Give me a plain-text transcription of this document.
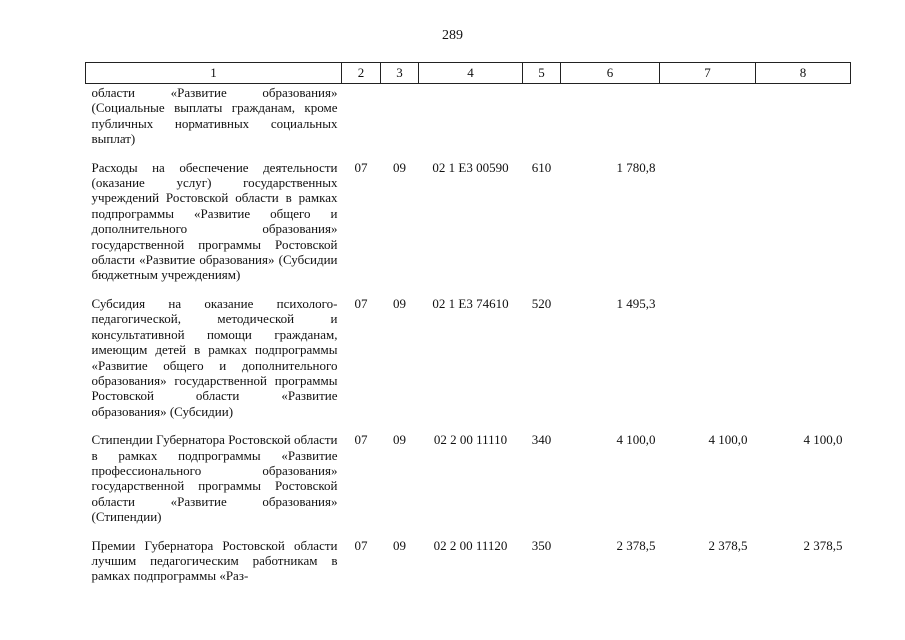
289
1	2	3	4	5	6	7	8
области «Развитие образования» (Социальные выплаты гражданам, кроме публичных нормативных социальных выплат)							
Расходы на обеспечение деятельности (оказание услуг) государственных учреждений Ростовской области в рамках подпрограммы «Развитие общего и дополнительного образования» государственной программы Ростовской области «Развитие образования» (Субсидии бюджетным учреждениям)	07	09	02 1 E3 00590	610	1 780,8		
Субсидия на оказание психолого-педагогической, методической и консультативной помощи гражданам, имеющим детей в рамках подпрограммы «Развитие общего и дополнительного образования» государственной программы Ростовской области «Развитие образования» (Субсидии)	07	09	02 1 E3 74610	520	1 495,3		
Стипендии Губернатора Ростовской области в рамках подпрограммы «Развитие профессионального образования» государственной программы Ростовской области «Развитие образования» (Стипендии)	07	09	02 2 00 11110	340	4 100,0	4 100,0	4 100,0
Премии Губернатора Ростовской области лучшим педагогическим работникам в рамках подпрограммы «Раз-	07	09	02 2 00 11120	350	2 378,5	2 378,5	2 378,5
